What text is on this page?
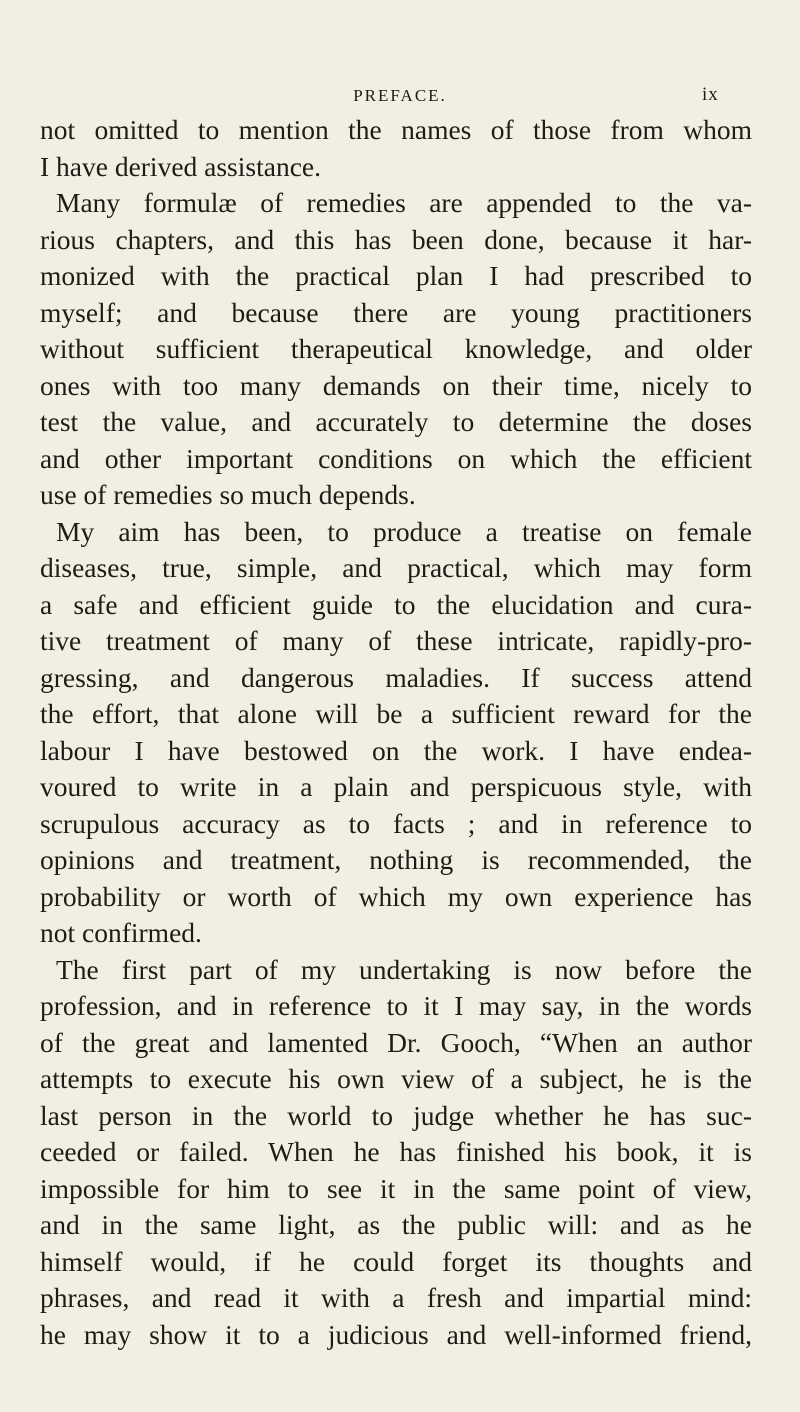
PREFACE.	ix
not omitted to mention the names of those from whom
I have derived assistance.
Many formulæ of remedies are appended to the va-
rious chapters, and this has been done, because it har-
monized with the practical plan I had prescribed to
myself; and because there are young practitioners
without sufficient therapeutical knowledge, and older
ones with too many demands on their time, nicely to
test the value, and accurately to determine the doses
and other important conditions on which the efficient
use of remedies so much depends.
My aim has been, to produce a treatise on female
diseases, true, simple, and practical, which may form
a safe and efficient guide to the elucidation and cura-
tive treatment of many of these intricate, rapidly-pro-
gressing, and dangerous maladies. If success attend
the effort, that alone will be a sufficient reward for the
labour I have bestowed on the work. I have endea-
voured to write in a plain and perspicuous style, with
scrupulous accuracy as to facts ; and in reference to
opinions and treatment, nothing is recommended, the
probability or worth of which my own experience has
not confirmed.
The first part of my undertaking is now before the
profession, and in reference to it I may say, in the words
of the great and lamented Dr. Gooch, “When an author
attempts to execute his own view of a subject, he is the
last person in the world to judge whether he has suc-
ceeded or failed. When he has finished his book, it is
impossible for him to see it in the same point of view,
and in the same light, as the public will: and as he
himself would, if he could forget its thoughts and
phrases, and read it with a fresh and impartial mind:
he may show it to a judicious and well-informed friend,
